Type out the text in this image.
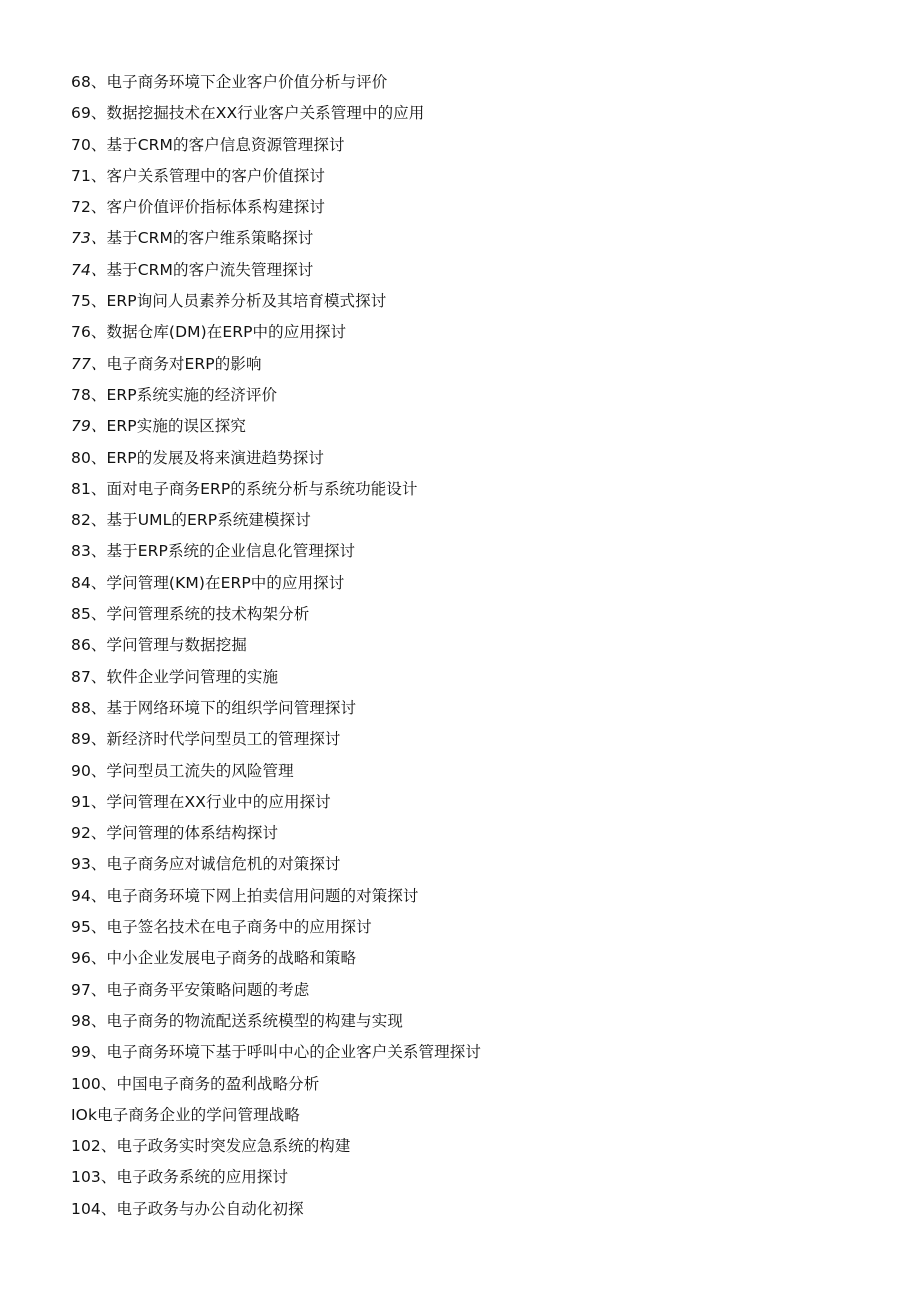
68、电子商务环境下企业客户价值分析与评价
69、数据挖掘技术在XX行业客户关系管理中的应用
70、基于CRM的客户信息资源管理探讨
71、客户关系管理中的客户价值探讨
72、客户价值评价指标体系构建探讨
73、基于CRM的客户维系策略探讨
74、基于CRM的客户流失管理探讨
75、ERP询问人员素养分析及其培育模式探讨
76、数据仓库(DM)在ERP中的应用探讨
77、电子商务对ERP的影响
78、ERP系统实施的经济评价
79、ERP实施的误区探究
80、ERP的发展及将来演进趋势探讨
81、面对电子商务ERP的系统分析与系统功能设计
82、基于UML的ERP系统建模探讨
83、基于ERP系统的企业信息化管理探讨
84、学问管理(KM)在ERP中的应用探讨
85、学问管理系统的技术构架分析
86、学问管理与数据挖掘
87、软件企业学问管理的实施
88、基于网络环境下的组织学问管理探讨
89、新经济时代学问型员工的管理探讨
90、学问型员工流失的风险管理
91、学问管理在XX行业中的应用探讨
92、学问管理的体系结构探讨
93、电子商务应对诚信危机的对策探讨
94、电子商务环境下网上拍卖信用问题的对策探讨
95、电子签名技术在电子商务中的应用探讨
96、中小企业发展电子商务的战略和策略
97、电子商务平安策略问题的考虑
98、电子商务的物流配送系统模型的构建与实现
99、电子商务环境下基于呼叫中心的企业客户关系管理探讨
100、中国电子商务的盈利战略分析
IOk电子商务企业的学问管理战略
102、电子政务实时突发应急系统的构建
103、电子政务系统的应用探讨
104、电子政务与办公自动化初探
